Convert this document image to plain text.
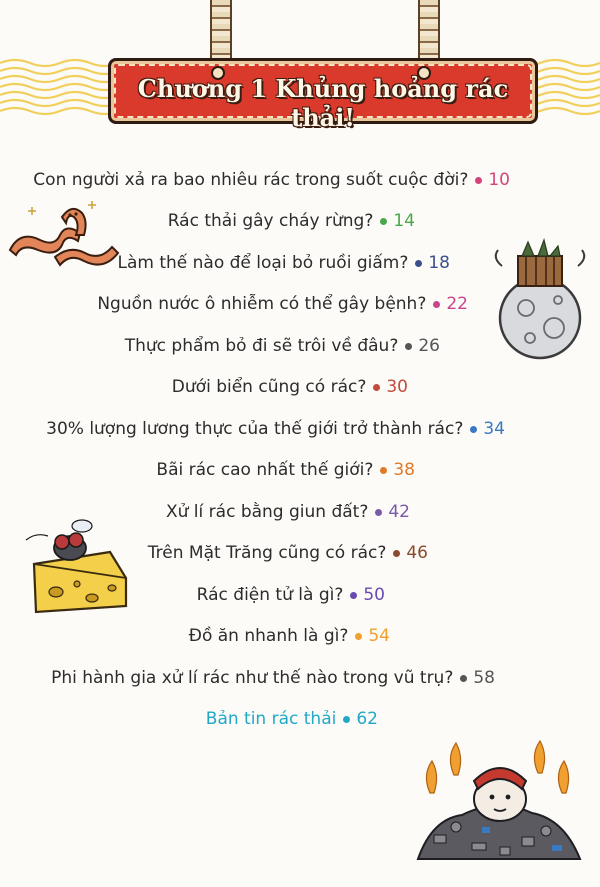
Chương 1 Khủng hoảng rác thải!
Con người xả ra bao nhiêu rác trong suốt cuộc đời? 10
Rác thải gây cháy rừng? 14
Làm thế nào để loại bỏ ruồi giấm? 18
Nguồn nước ô nhiễm có thể gây bệnh? 22
Thực phẩm bỏ đi sẽ trôi về đâu? 26
Dưới biển cũng có rác? 30
30% lượng lương thực của thế giới trở thành rác? 34
Bãi rác cao nhất thế giới? 38
Xử lí rác bằng giun đất? 42
Trên Mặt Trăng cũng có rác? 46
Rác điện tử là gì? 50
Đồ ăn nhanh là gì? 54
Phi hành gia xử lí rác như thế nào trong vũ trụ? 58
Bản tin rác thải 62
